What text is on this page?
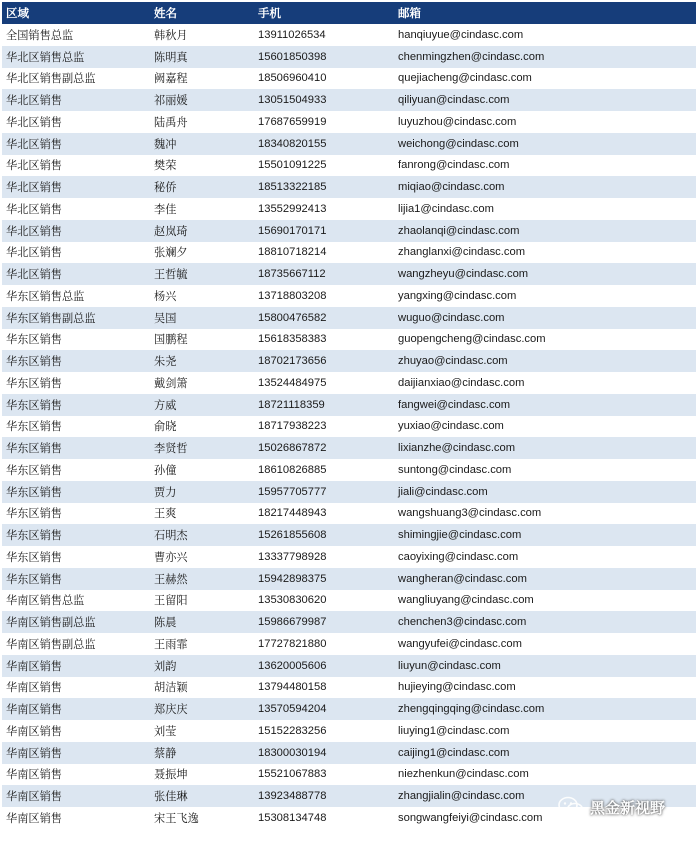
区域	姓名	手机	邮箱
全国销售总监	韩秋月	13911026534	hanqiuyue@cindasc.com
华北区销售总监	陈明真	15601850398	chenmingzhen@cindasc.com
华北区销售副总监	阙嘉程	18506960410	quejiacheng@cindasc.com
华北区销售	祁丽媛	13051504933	qiliyuan@cindasc.com
华北区销售	陆禹舟	17687659919	luyuzhou@cindasc.com
华北区销售	魏冲	18340820155	weichong@cindasc.com
华北区销售	樊荣	15501091225	fanrong@cindasc.com
华北区销售	秘侨	18513322185	miqiao@cindasc.com
华北区销售	李佳	13552992413	lijia1@cindasc.com
华北区销售	赵岚琦	15690170171	zhaolanqi@cindasc.com
华北区销售	张斓夕	18810718214	zhanglanxi@cindasc.com
华北区销售	王哲毓	18735667112	wangzheyu@cindasc.com
华东区销售总监	杨兴	13718803208	yangxing@cindasc.com
华东区销售副总监	吴国	15800476582	wuguo@cindasc.com
华东区销售	国鹏程	15618358383	guopengcheng@cindasc.com
华东区销售	朱尧	18702173656	zhuyao@cindasc.com
华东区销售	戴剑箫	13524484975	daijianxiao@cindasc.com
华东区销售	方威	18721118359	fangwei@cindasc.com
华东区销售	俞晓	18717938223	yuxiao@cindasc.com
华东区销售	李贤哲	15026867872	lixianzhe@cindasc.com
华东区销售	孙僮	18610826885	suntong@cindasc.com
华东区销售	贾力	15957705777	jiali@cindasc.com
华东区销售	王爽	18217448943	wangshuang3@cindasc.com
华东区销售	石明杰	15261855608	shimingjie@cindasc.com
华东区销售	曹亦兴	13337798928	caoyixing@cindasc.com
华东区销售	王赫然	15942898375	wangheran@cindasc.com
华南区销售总监	王留阳	13530830620	wangliuyang@cindasc.com
华南区销售副总监	陈晨	15986679987	chenchen3@cindasc.com
华南区销售副总监	王雨霏	17727821880	wangyufei@cindasc.com
华南区销售	刘韵	13620005606	liuyun@cindasc.com
华南区销售	胡洁颖	13794480158	hujieying@cindasc.com
华南区销售	郑庆庆	13570594204	zhengqingqing@cindasc.com
华南区销售	刘莹	15152283256	liuying1@cindasc.com
华南区销售	蔡静	18300030194	caijing1@cindasc.com
华南区销售	聂振坤	15521067883	niezhenkun@cindasc.com
华南区销售	张佳琳	13923488778	zhangjialin@cindasc.com
华南区销售	宋王飞逸	15308134748	songwangfeiyi@cindasc.com
黑金新视野
